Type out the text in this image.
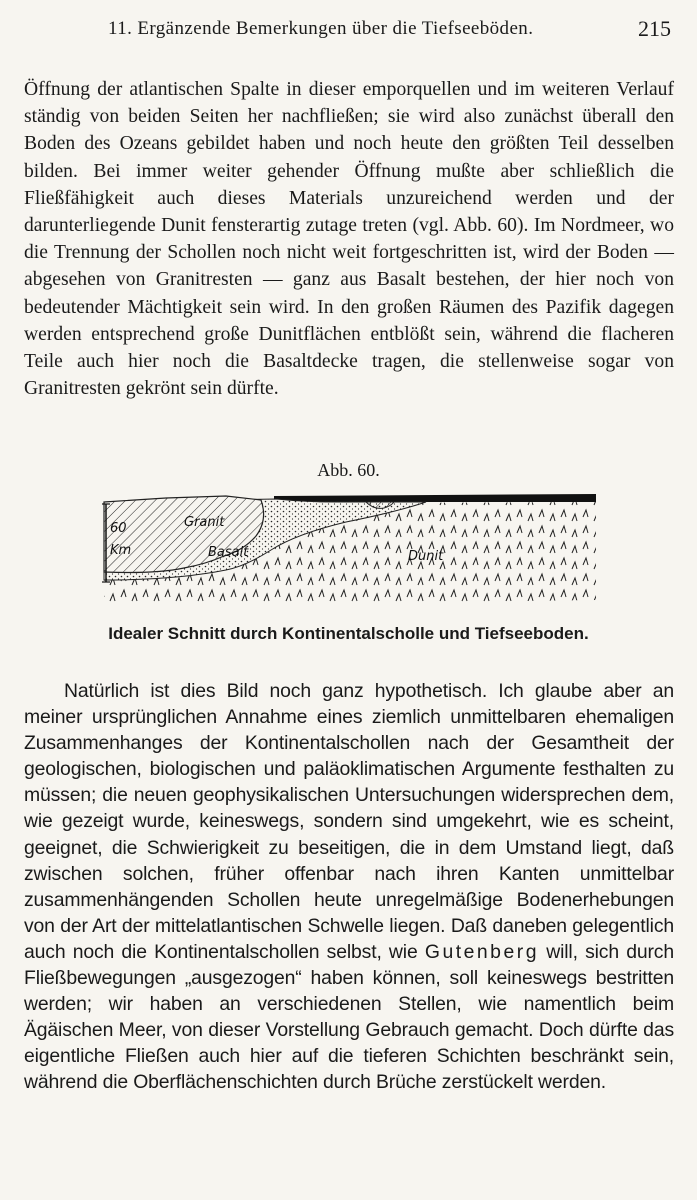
11. Ergänzende Bemerkungen über die Tiefseeböden.	215

Öffnung der atlantischen Spalte in dieser emporquellen und im weiteren Verlauf ständig von beiden Seiten her nachfließen; sie wird also zunächst überall den Boden des Ozeans gebildet haben und noch heute den größten Teil desselben bilden. Bei immer weiter gehender Öffnung mußte aber schließlich die Fließfähigkeit auch dieses Materials unzureichend werden und der darunterliegende Dunit fensterartig zutage treten (vgl. Abb. 60). Im Nordmeer, wo die Trennung der Schollen noch nicht weit fortgeschritten ist, wird der Boden — abgesehen von Granitresten — ganz aus Basalt bestehen, der hier noch von bedeutender Mächtigkeit sein wird. In den großen Räumen des Pazifik dagegen werden entsprechend große Dunitflächen entblößt sein, während die flacheren Teile auch hier noch die Basaltdecke tragen, die stellenweise sogar von Granitresten gekrönt sein dürfte.

Abb. 60.
60
Km
Granit
Basalt	Dunit
Idealer Schnitt durch Kontinentalscholle und Tiefseeboden.

Natürlich ist dies Bild noch ganz hypothetisch. Ich glaube aber an meiner ursprünglichen Annahme eines ziemlich unmittelbaren ehemaligen Zusammenhanges der Kontinentalschollen nach der Gesamtheit der geologischen, biologischen und paläoklimatischen Argumente festhalten zu müssen; die neuen geophysikalischen Untersuchungen widersprechen dem, wie gezeigt wurde, keineswegs, sondern sind umgekehrt, wie es scheint, geeignet, die Schwierigkeit zu beseitigen, die in dem Umstand liegt, daß zwischen solchen, früher offenbar nach ihren Kanten unmittelbar zusammenhängenden Schollen heute unregelmäßige Bodenerhebungen von der Art der mittelatlantischen Schwelle liegen. Daß daneben gelegentlich auch noch die Kontinentalschollen selbst, wie Gutenberg will, sich durch Fließbewegungen „ausgezogen“ haben können, soll keineswegs bestritten werden; wir haben an verschiedenen Stellen, wie namentlich beim Ägäischen Meer, von dieser Vorstellung Gebrauch gemacht. Doch dürfte das eigentliche Fließen auch hier auf die tieferen Schichten beschränkt sein, während die Oberflächenschichten durch Brüche zerstückelt werden.
